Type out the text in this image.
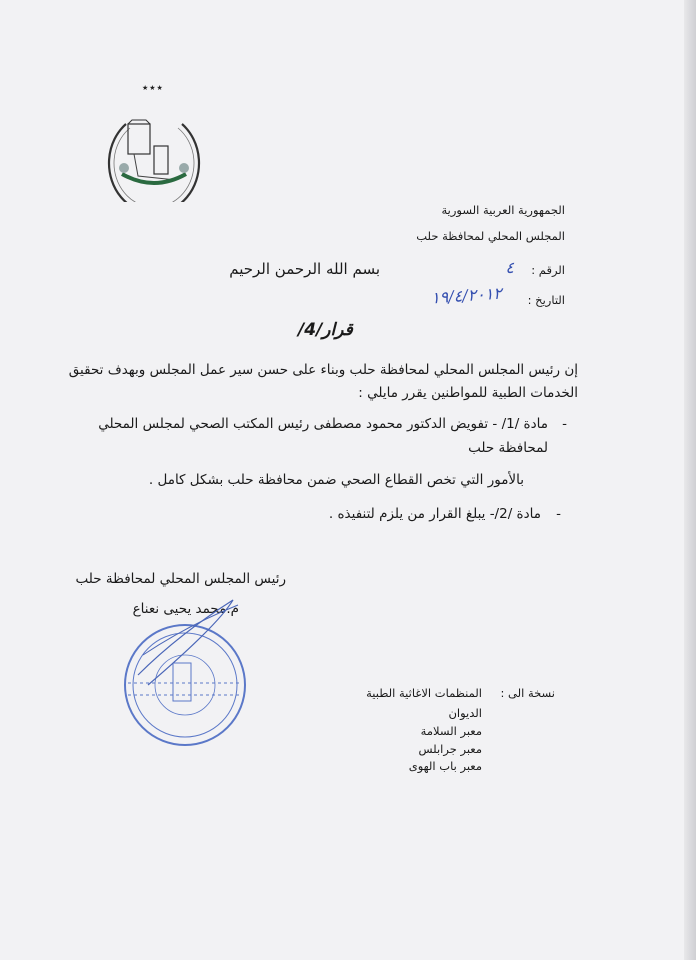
★★★
الجمهورية العربية السورية
المجلس المحلي لمحافظة حلب
الرقم :
٤
بسم الله الرحمن الرحيم
التاريخ :
١٩/٤/٢٠١٢
قرار/4/
إن رئيس المجلس المحلي لمحافظة حلب وبناء على حسن سير عمل المجلس وبهدف تحقيق
الخدمات الطبية للمواطنين يقرر مايلي :
-
مادة /1/ - تفويض الدكتور محمود مصطفى رئيس المكتب الصحي لمجلس المحلي
لمحافظة حلب
بالأمور التي تخص القطاع الصحي ضمن محافظة حلب بشكل كامل .
-
مادة /2/- يبلغ القرار من يلزم لتنفيذه .
رئيس المجلس المحلي لمحافظة حلب
م.محمد يحيى نعناع
نسخة الى :
المنظمات الاغاثية الطبية
الديوان
معبر السلامة
معبر جرابلس
معبر باب الهوى
